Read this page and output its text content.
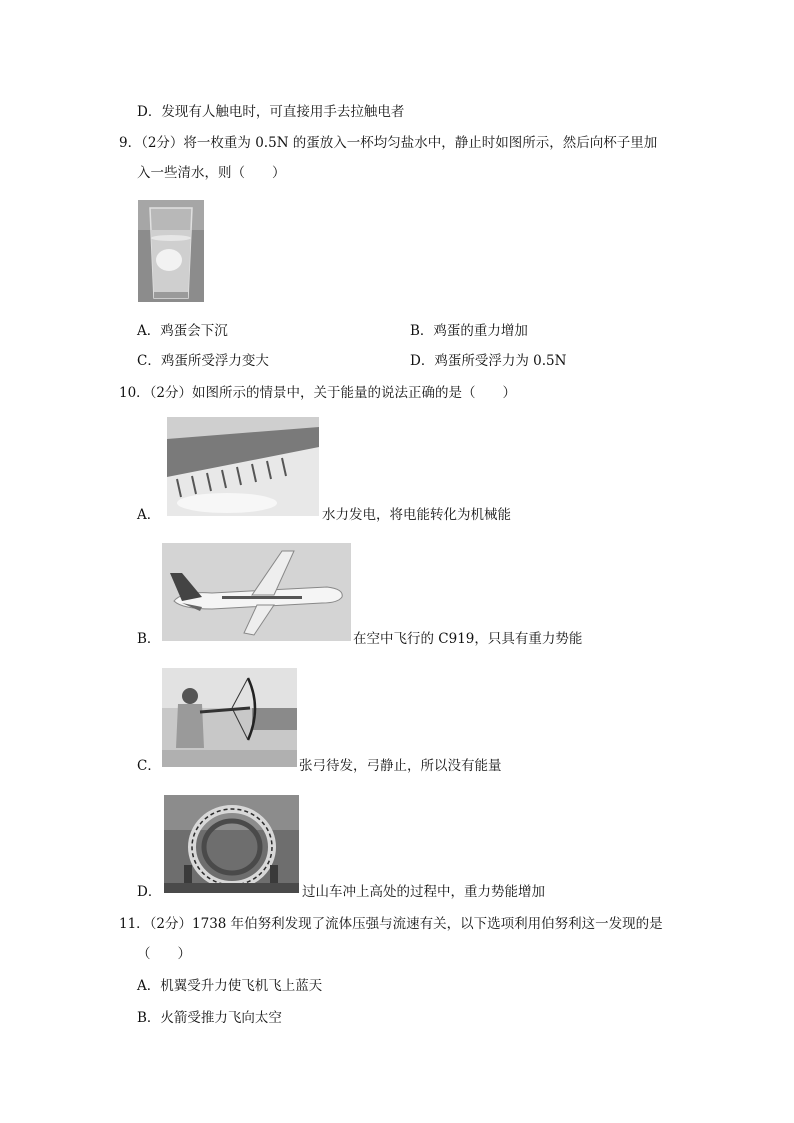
D．发现有人触电时，可直接用手去拉触电者
9．（2分）将一枚重为 0.5N 的蛋放入一杯均匀盐水中，静止时如图所示，然后向杯子里加
入一些清水，则（　　）
A．鸡蛋会下沉	B．鸡蛋的重力增加
C．鸡蛋所受浮力变大	D．鸡蛋所受浮力为 0.5N
10．（2分）如图所示的情景中，关于能量的说法正确的是（　　）
A．	水力发电，将电能转化为机械能
B．	在空中飞行的 C919，只具有重力势能
C．	张弓待发，弓静止，所以没有能量
D．	过山车冲上高处的过程中，重力势能增加
11．（2分）1738 年伯努利发现了流体压强与流速有关，以下选项利用伯努利这一发现的是
（　　）
A．机翼受升力使飞机飞上蓝天
B．火箭受推力飞向太空
